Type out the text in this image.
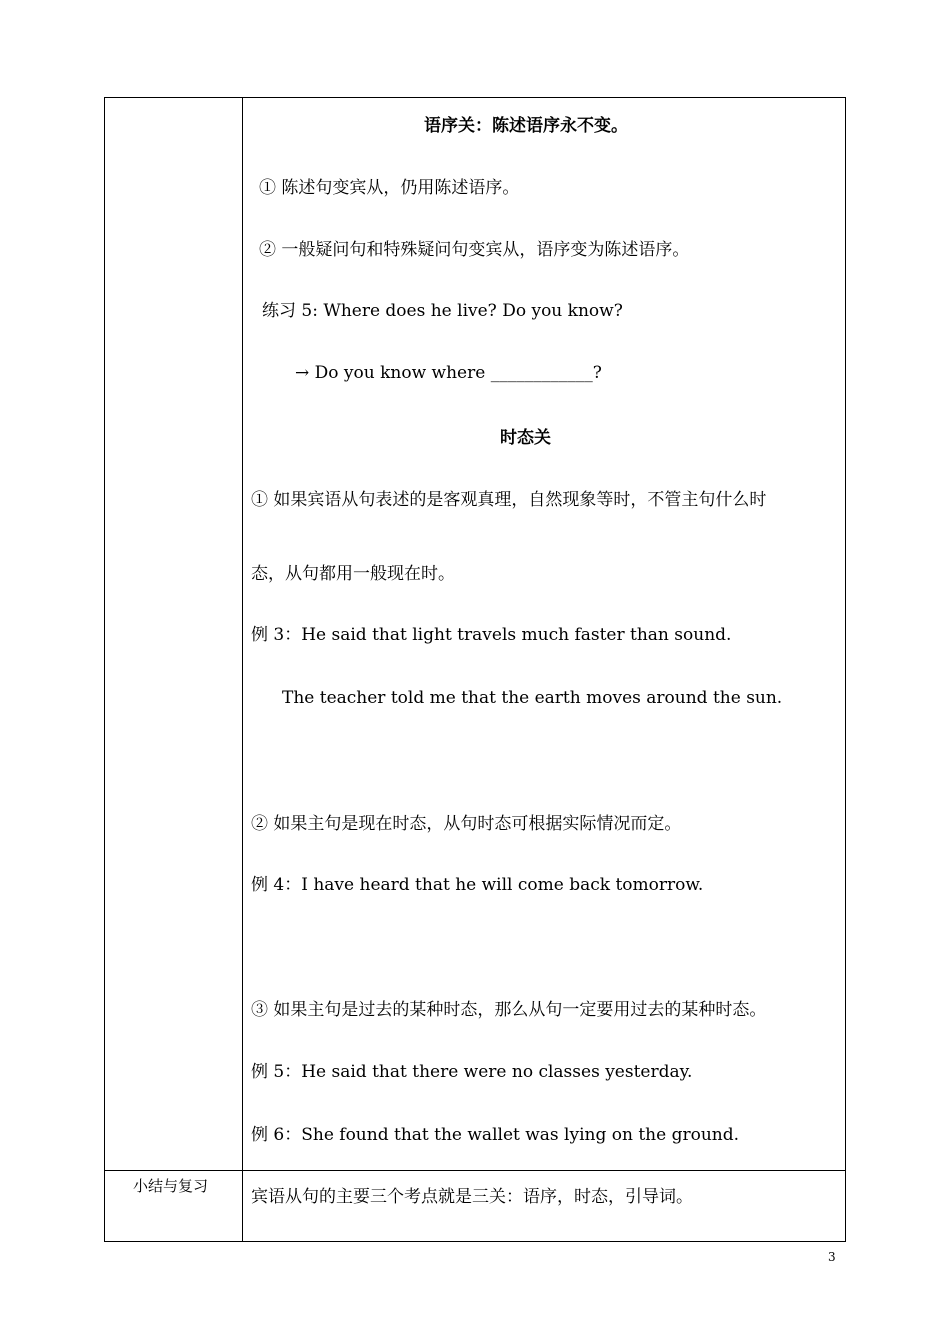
语序关：陈述语序永不变。
① 陈述句变宾从，仍用陈述语序。
② 一般疑问句和特殊疑问句变宾从，语序变为陈述语序。
练习 5: Where does he live? Do you know?
→ Do you know where ____________?
时态关
① 如果宾语从句表述的是客观真理，自然现象等时，不管主句什么时
态，从句都用一般现在时。
例 3：He said that light travels much faster than sound.
The teacher told me that the earth moves around the sun.
② 如果主句是现在时态，从句时态可根据实际情况而定。
例 4：I have heard that he will come back tomorrow.
③ 如果主句是过去的某种时态，那么从句一定要用过去的某种时态。
例 5：He said that there were no classes yesterday.
例 6：She found that the wallet was lying on the ground.
小结与复习
宾语从句的主要三个考点就是三关：语序，时态，引导词。
3
